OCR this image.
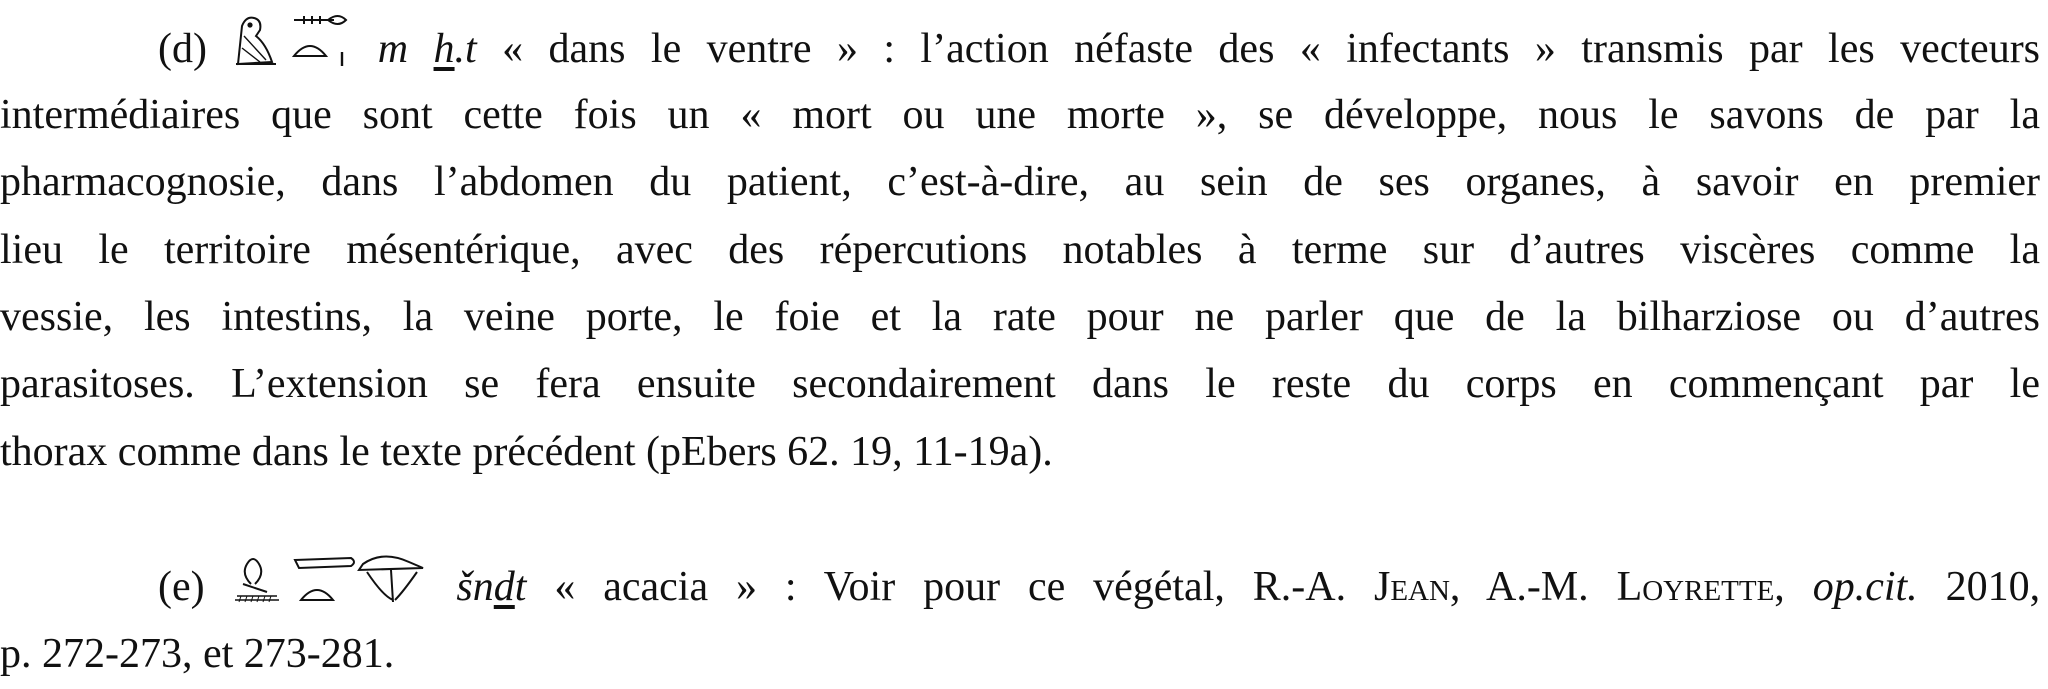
(d)	m h.t « dans le ventre » : l’action néfaste des « infectants » transmis par les vecteurs
intermédiaires que sont cette fois un « mort ou une morte », se développe, nous le savons de par la
pharmacognosie, dans l’abdomen du patient, c’est-à-dire, au sein de ses organes, à savoir en premier
lieu le territoire mésentérique, avec des répercutions notables à terme sur d’autres viscères comme la
vessie, les intestins, la veine porte, le foie et la rate pour ne parler que de la bilharziose ou d’autres
parasitoses. L’extension se fera ensuite secondairement dans le reste du corps en commençant par le
thorax comme dans le texte précédent (pEbers 62. 19, 11-19a).
(e)	šndt « acacia » : Voir pour ce végétal, R.-A. Jean, A.-M. Loyrette, op.cit. 2010,
p. 272-273, et 273-281.
